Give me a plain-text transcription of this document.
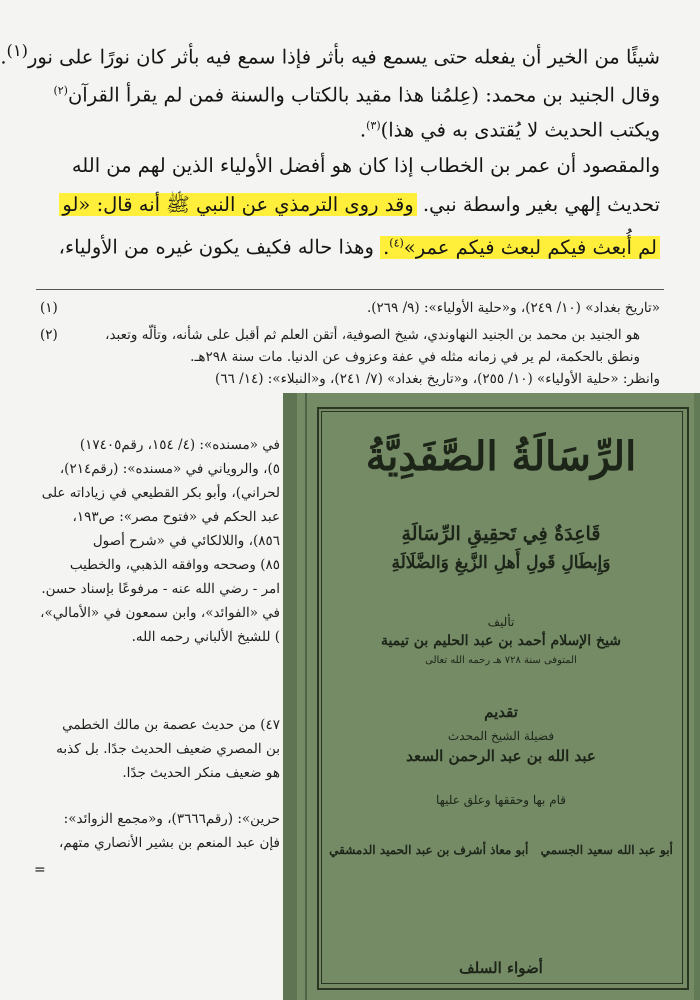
شيئًا من الخير أن يفعله حتى يسمع فيه بأثر فإذا سمع فيه بأثر كان نورًا على نور$^{(١)}$.
وقال الجنيد بن محمد: (عِلمُنا هذا مقيد بالكتاب والسنة فمن لم يقرأ القرآن$^{(٢)}$
ويكتب الحديث لا يُقتدى به في هذا)$^{(٣)}$.
والمقصود أن عمر بن الخطاب إذا كان هو أفضل الأولياء الذين لهم من الله
تحديث إلهي بغير واسطة نبي. وقد روى الترمذي عن النبي ﷺ أنه قال: «لو
لم أُبعث فيكم لبعث فيكم عمر»$^{(٤)}$. وهذا حاله فكيف يكون غيره من الأولياء،
(١)	«تاريخ بغداد» (١٠/ ٢٤٩)، و«حلية الأولياء»: (٩/ ٢٦٩).
(٢)	هو الجنيد بن محمد بن الجنيد النهاوندي، شيخ الصوفية، أتقن العلم ثم أقبل على شأنه، وتألّه وتعبد،
ونطق بالحكمة، لم ير في زمانه مثله في عفة وعزوف عن الدنيا. مات سنة ٢٩٨هـ.
وانظر: «حلية الأولياء» (١٠/ ٢٥٥)، و«تاريخ بغداد» (٧/ ٢٤١)، و«النبلاء»: (١٤/ ٦٦)
في «مسنده»: (٤/ ١٥٤، رقم١٧٤٠٥)
٥)، والروياني في «مسنده»: (رقم٢١٤)،
لحراني)، وأبو بكر القطيعي في زياداته على
عبد الحكم في «فتوح مصر»: ص١٩٣،
٨٥٦)، واللالكائي في «شرح أصول
٨٥) وصححه ووافقه الذهبي، والخطيب
امر - رضي الله عنه - مرفوعًا بإسناد حسن.
في «الفوائد»، وابن سمعون في «الأمالي»،
) للشيخ الألباني رحمه الله.
٤٧) من حديث عصمة بن مالك الخطمي
بن المصري ضعيف الحديث جدًا. بل كذبه
هو ضعيف منكر الحديث جدًا.
حرين»: (رقم٣٦٦٦)، و«مجمع الزوائد»:
فإن عبد المنعم بن بشير الأنصاري متهم،
=
الرِّسَالَةُ الصَّفَدِيَّةُ
قَاعِدَةٌ فِي تَحقِيقِ الرِّسَالَةِ
وَإِبطَالِ قَولِ أَهلِ الزَّيغِ وَالضَّلَالَةِ
تأليف
شيخ الإسلام أحمد بن عبد الحليم بن تيمية
المتوفى سنة ٧٢٨ هـ رحمه الله تعالى
تقديم
فضيلة الشيخ المحدث
عبد الله بن عبد الرحمن السعد
قام بها وحققها وعلق عليها
أبو عبد الله سعيد الجسمي
أبو معاذ أشرف بن عبد الحميد الدمشقي
أضواء السلف
